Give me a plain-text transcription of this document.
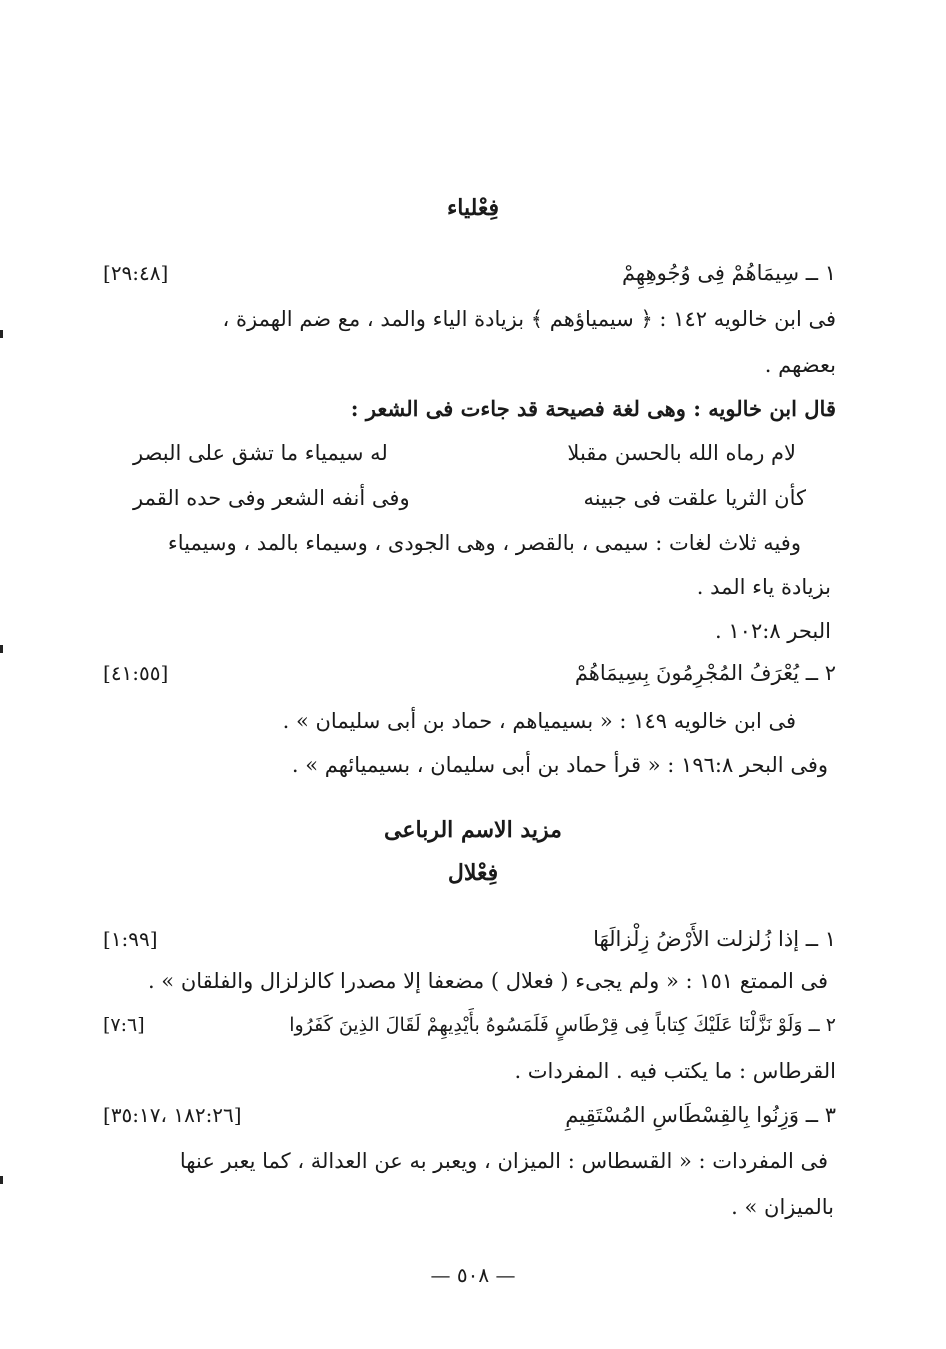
فِعْلياء
١ ــ سِيمَاهُمْ فِى وُجُوهِهِمْ
[٢٩:٤٨]
فى ابن خالويه ١٤٢ : ﴿ سيمياؤهم ﴾ بزيادة الياء والمد ، مع ضم الهمزة ،
بعضهم .
قال ابن خالويه : وهى لغة فصيحة قد جاءت فى الشعر :
لام رماه الله بالحسن مقبلا
له سيمياء ما تشق على البصر
كأن الثريا علقت فى جبينه
وفى أنفه الشعر وفى حده القمر
وفيه ثلاث لغات : سيمى ، بالقصر ، وهى الجودى ، وسيماء بالمد ، وسيمياء
بزيادة ياء المد .
البحر ١٠٢:٨ .
٢ ــ يُعْرَفُ المُجْرِمُونَ بِسِيمَاهُمْ
[٤١:٥٥]
فى ابن خالويه ١٤٩ : « بسيمياهم ، حماد بن أبى سليمان » .
وفى البحر ١٩٦:٨ : « قرأ حماد بن أبى سليمان ، بسيميائهم » .
مزيد الاسم الرباعى
فِعْلال
١ ــ إذا زُلزلت الأَرْضُ زِلْزالَهَا
[١:٩٩]
فى الممتع ١٥١ : « ولم يجىء ( فعلال ) مضعفا إلا مصدرا كالزلزال والفلقان » .
٢ ــ وَلَوْ نَزَّلْنَا عَلَيْكَ كِتاباً فِى قِرْطَاسٍ فَلَمَسُوهُ بأَيْدِيهِمْ لَقَالَ الذِينَ كَفَرُوا
[٧:٦]
القرطاس : ما يكتب فيه . المفردات .
٣ ــ وَزِنُوا بِالقِسْطَاسِ المُسْتَقِيمِ
[١٨٢:٢٦ ،٣٥:١٧]
فى المفردات : « القسطاس : الميزان ، ويعبر به عن العدالة ، كما يعبر عنها
بالميزان » .
— ٥٠٨ —
